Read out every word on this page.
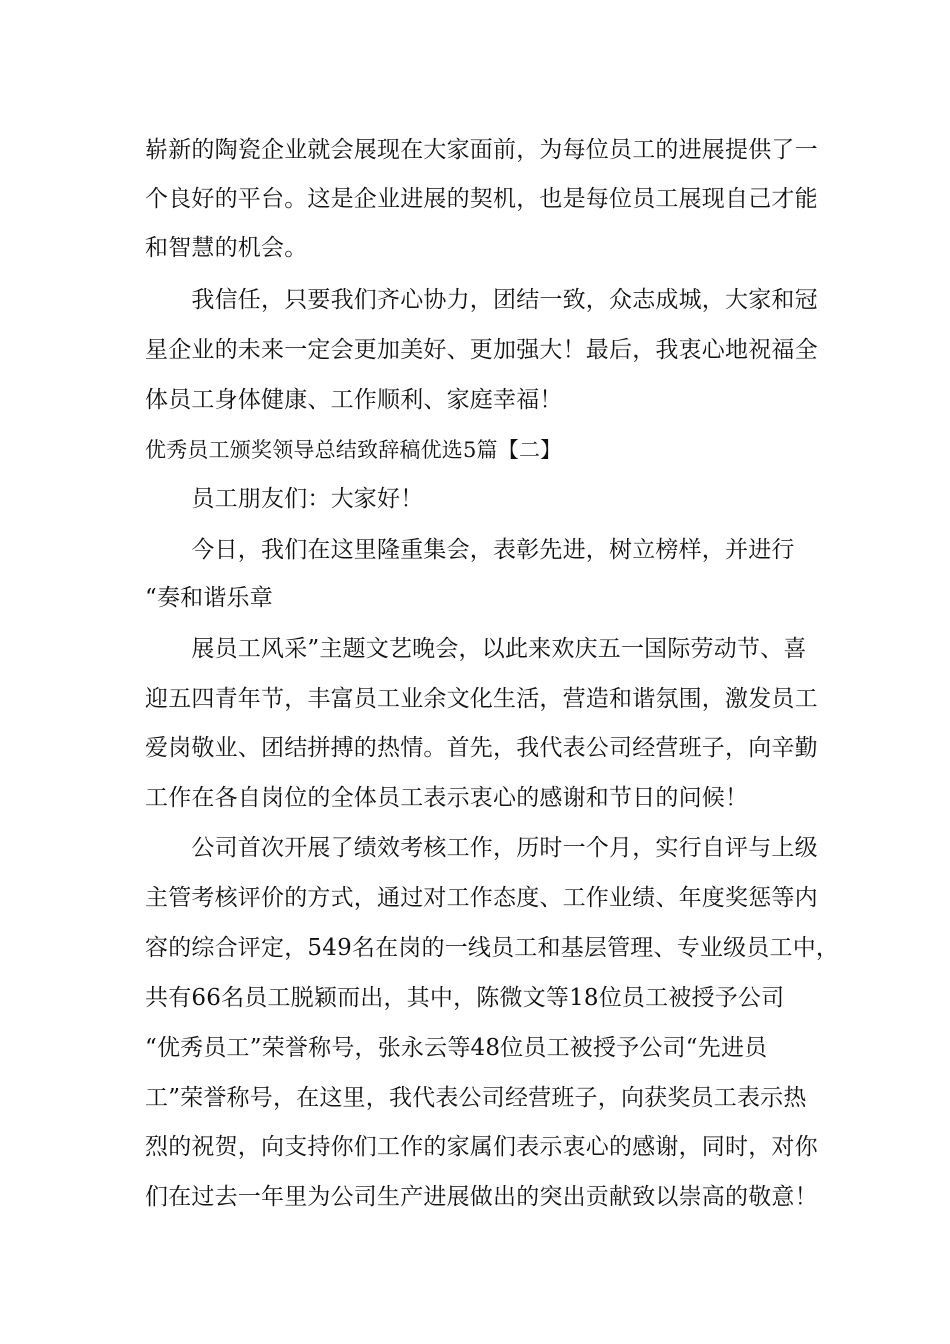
崭新的陶瓷企业就会展现在大家面前，为每位员工的进展提供了一
个良好的平台。这是企业进展的契机，也是每位员工展现自己才能
和智慧的机会。
　　我信任，只要我们齐心协力，团结一致，众志成城，大家和冠
星企业的未来一定会更加美好、更加强大！最后，我衷心地祝福全
体员工身体健康、工作顺利、家庭幸福！
优秀员工颁奖领导总结致辞稿优选5篇【二】
　　员工朋友们：大家好！
　　今日，我们在这里隆重集会，表彰先进，树立榜样，并进行
“奏和谐乐章
　　展员工风采”主题文艺晚会，以此来欢庆五一国际劳动节、喜
迎五四青年节，丰富员工业余文化生活，营造和谐氛围，激发员工
爱岗敬业、团结拼搏的热情。首先，我代表公司经营班子，向辛勤
工作在各自岗位的全体员工表示衷心的感谢和节日的问候！
　　公司首次开展了绩效考核工作，历时一个月，实行自评与上级
主管考核评价的方式，通过对工作态度、工作业绩、年度奖惩等内
容的综合评定，549名在岗的一线员工和基层管理、专业级员工中，
共有66名员工脱颖而出，其中，陈微文等18位员工被授予公司
“优秀员工”荣誉称号，张永云等48位员工被授予公司“先进员
工”荣誉称号，在这里，我代表公司经营班子，向获奖员工表示热
烈的祝贺，向支持你们工作的家属们表示衷心的感谢，同时，对你
们在过去一年里为公司生产进展做出的突出贡献致以崇高的敬意！
